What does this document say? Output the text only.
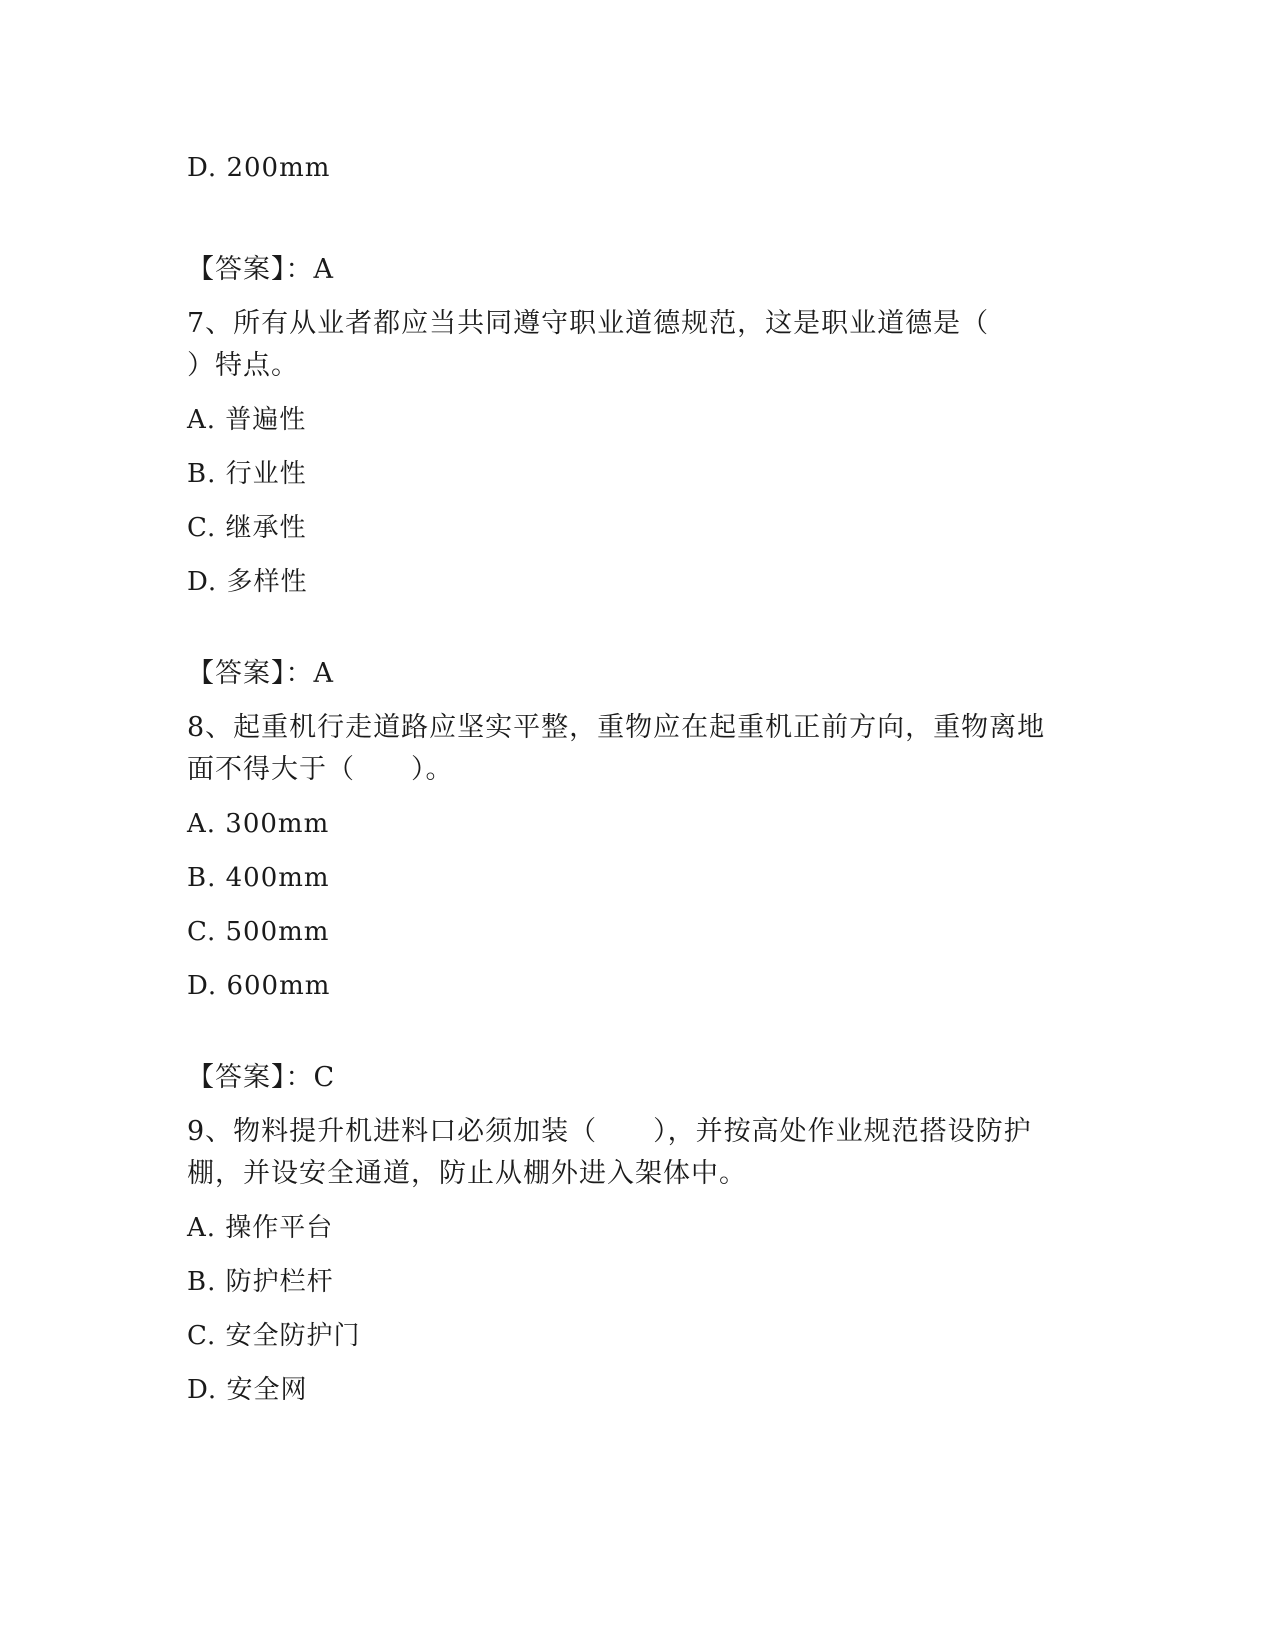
D. 200mm
【答案】：A
7、所有从业者都应当共同遵守职业道德规范，这是职业道德是（
）特点。
A. 普遍性
B. 行业性
C. 继承性
D. 多样性
【答案】：A
8、起重机行走道路应坚实平整，重物应在起重机正前方向，重物离地
面不得大于（　　）。
A. 300mm
B. 400mm
C. 500mm
D. 600mm
【答案】：C
9、物料提升机进料口必须加装（　　），并按高处作业规范搭设防护
棚，并设安全通道，防止从棚外进入架体中。
A. 操作平台
B. 防护栏杆
C. 安全防护门
D. 安全网
